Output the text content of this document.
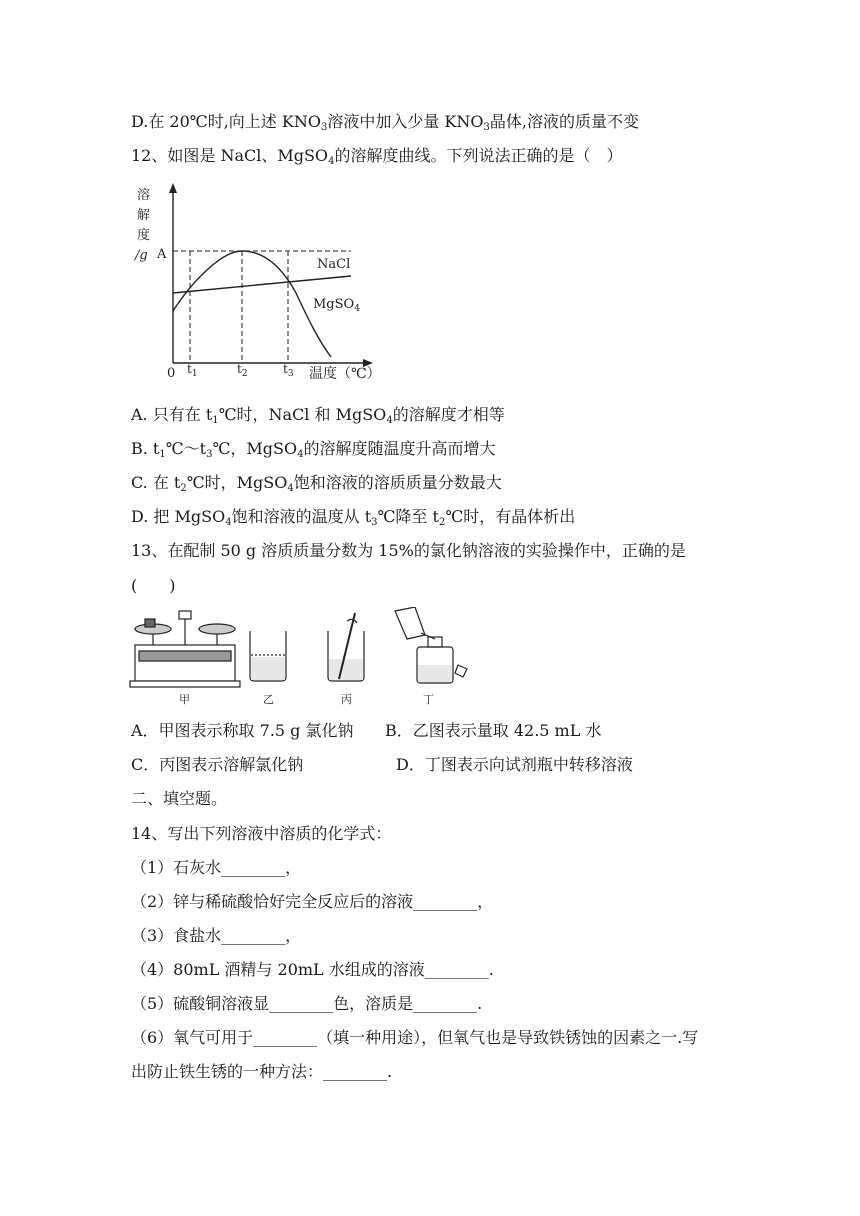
D.在 20℃时,向上述 $KNO_3$溶液中加入少量 $KNO_3$晶体,溶液的质量不变
12、如图是 NaCl、MgSO$_4$的溶解度曲线。下列说法正确的是（　）
溶
解
度
/g A
0 $t_1$	$t_2$	$t_3$ 温度（℃）
NaCl
MgSO$_4$
A. 只有在 $t_1℃$时，NaCl 和 MgSO$_4$的溶解度才相等
B. $t_1℃\sim t_3℃$，MgSO$_4$的溶解度随温度升高而增大
C. 在 $t_2℃$时，MgSO$_4$饱和溶液的溶质质量分数最大
D. 把 MgSO$_4$饱和溶液的温度从 $t_3℃$降至 $t_2℃$时，有晶体析出
13、在配制 50 g 溶质质量分数为 15%的氯化钠溶液的实验操作中，正确的是
(　　)
甲	乙	丙	丁
A．甲图表示称取 7.5 g 氯化钠 B．乙图表示量取 42.5 mL 水
C．丙图表示溶解氯化钠	D．丁图表示向试剂瓶中转移溶液
二、填空题。
14、写出下列溶液中溶质的化学式：
（1）石灰水________，
（2）锌与稀硫酸恰好完全反应后的溶液________，
（3）食盐水________，
（4）80mL 酒精与 20mL 水组成的溶液________.
（5）硫酸铜溶液显________色，溶质是________.
（6）氧气可用于________（填一种用途），但氧气也是导致铁锈蚀的因素之一.写
出防止铁生锈的一种方法：________.
